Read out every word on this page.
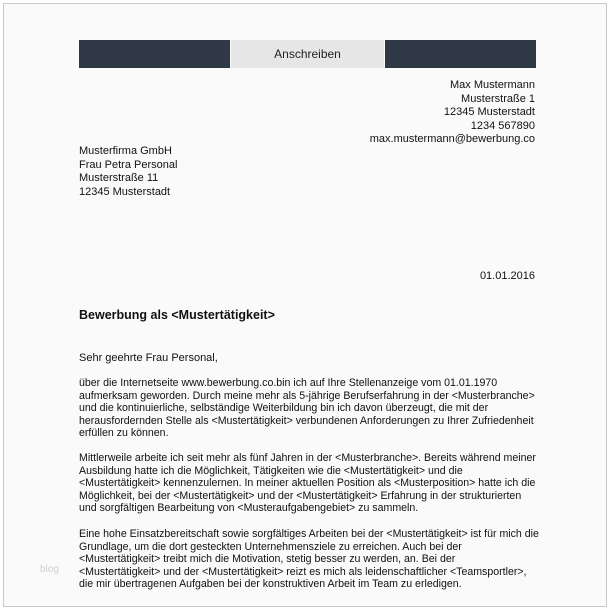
Anschreiben
Max Mustermann
Musterstraße 1
12345 Musterstadt
1234 567890
max.mustermann@bewerbung.co
Musterfirma GmbH
Frau Petra Personal
Musterstraße 11
12345 Musterstadt
01.01.2016
Bewerbung als <Mustertätigkeit>
Sehr geehrte Frau Personal,
über die Internetseite www.bewerbung.co.bin ich auf Ihre Stellenanzeige vom 01.01.1970 aufmerksam geworden. Durch meine mehr als 5-jährige Berufserfahrung in der <Musterbranche> und die kontinuierliche, selbständige Weiterbildung bin ich davon überzeugt, die mit der herausfordernden Stelle als <Mustertätigkeit> verbundenen Anforderungen zu Ihrer Zufriedenheit erfüllen zu können.
Mittlerweile arbeite ich seit mehr als fünf Jahren in der <Musterbranche>. Bereits während meiner Ausbildung hatte ich die Möglichkeit, Tätigkeiten wie die <Mustertätigkeit> und die <Mustertätigkeit> kennenzulernen. In meiner aktuellen Position als <Musterposition> hatte ich die Möglichkeit, bei der <Mustertätigkeit> und der <Mustertätigkeit> Erfahrung in der strukturierten und sorgfältigen Bearbeitung von <Musteraufgabengebiet> zu sammeln.
Eine hohe Einsatzbereitschaft sowie sorgfältiges Arbeiten bei der <Mustertätigkeit> ist für mich die Grundlage, um die dort gesteckten Unternehmensziele zu erreichen. Auch bei der <Mustertätigkeit> treibt mich die Motivation, stetig besser zu werden, an. Bei der <Mustertätigkeit> und der <Mustertätigkeit> reizt es mich als leidenschaftlicher <Teamsportler>, die mir übertragenen Aufgaben bei der konstruktiven Arbeit im Team zu erledigen.
blog
